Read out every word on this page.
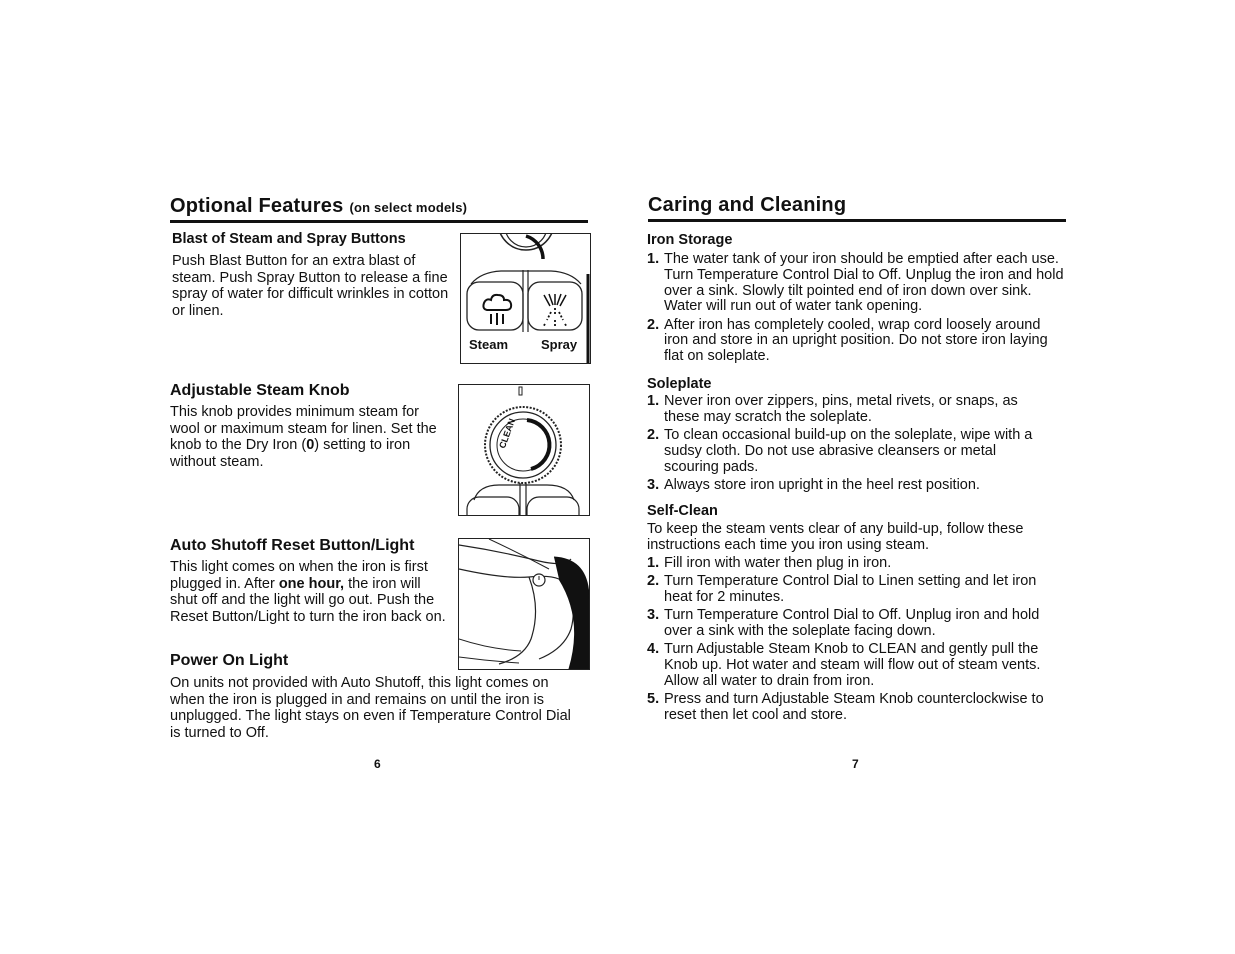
Optional Features (on select models)
Blast of Steam and Spray Buttons
Push Blast Button for an extra blast of steam. Push Spray Button to release a fine spray of water for difficult wrinkles in cotton or linen.
Steam	Spray
Adjustable Steam Knob
This knob provides minimum steam for wool or maximum steam for linen. Set the knob to the Dry Iron (0) setting to iron without steam.
CLEAN
Auto Shutoff Reset Button/Light
This light comes on when the iron is first plugged in. After one hour, the iron will shut off and the light will go out. Push the Reset Button/Light to turn the iron back on.
Power On Light
On units not provided with Auto Shutoff, this light comes on when the iron is plugged in and remains on until the iron is unplugged. The light stays on even if Temperature Control Dial is turned to Off.
6
Caring and Cleaning
Iron Storage
1. The water tank of your iron should be emptied after each use. Turn Temperature Control Dial to Off. Unplug the iron and hold over a sink. Slowly tilt pointed end of iron down over sink. Water will run out of water tank opening.
2. After iron has completely cooled, wrap cord loosely around iron and store in an upright position. Do not store iron laying flat on soleplate.
Soleplate
1. Never iron over zippers, pins, metal rivets, or snaps, as these may scratch the soleplate.
2. To clean occasional build-up on the soleplate, wipe with a sudsy cloth. Do not use abrasive cleansers or metal scouring pads.
3. Always store iron upright in the heel rest position.
Self-Clean
To keep the steam vents clear of any build-up, follow these instructions each time you iron using steam.
1. Fill iron with water then plug in iron.
2. Turn Temperature Control Dial to Linen setting and let iron heat for 2 minutes.
3. Turn Temperature Control Dial to Off. Unplug iron and hold over a sink with the soleplate facing down.
4. Turn Adjustable Steam Knob to CLEAN and gently pull the Knob up. Hot water and steam will flow out of steam vents. Allow all water to drain from iron.
5. Press and turn Adjustable Steam Knob counterclockwise to reset then let cool and store.
7
